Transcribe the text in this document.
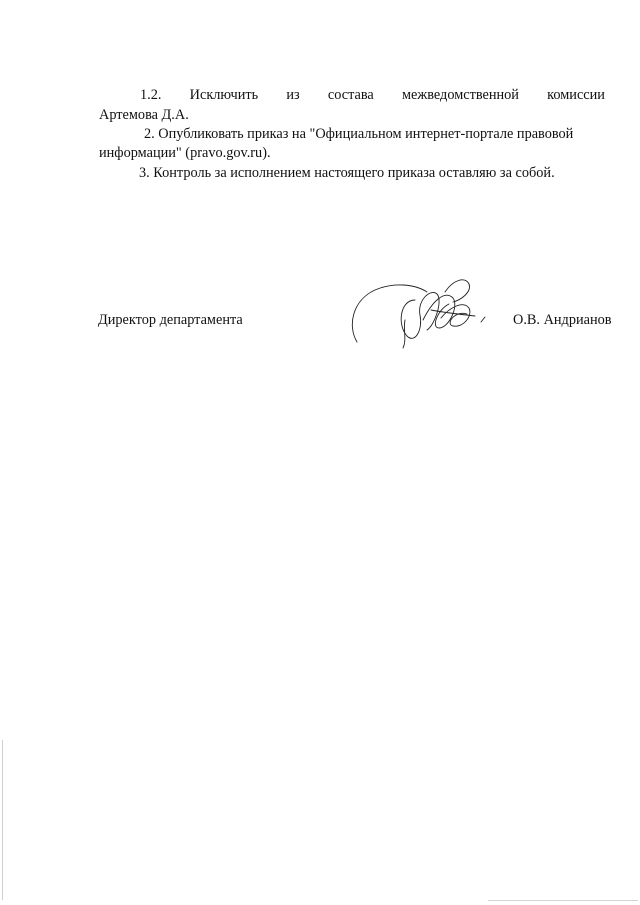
1.2. Исключить из состава межведомственной комиссии
Артемова Д.А.
2. Опубликовать приказ на "Официальном интернет-портале правовой
информации" (pravo.gov.ru).
3. Контроль за исполнением настоящего приказа оставляю за собой.
Директор департамента	О.В. Андрианов
